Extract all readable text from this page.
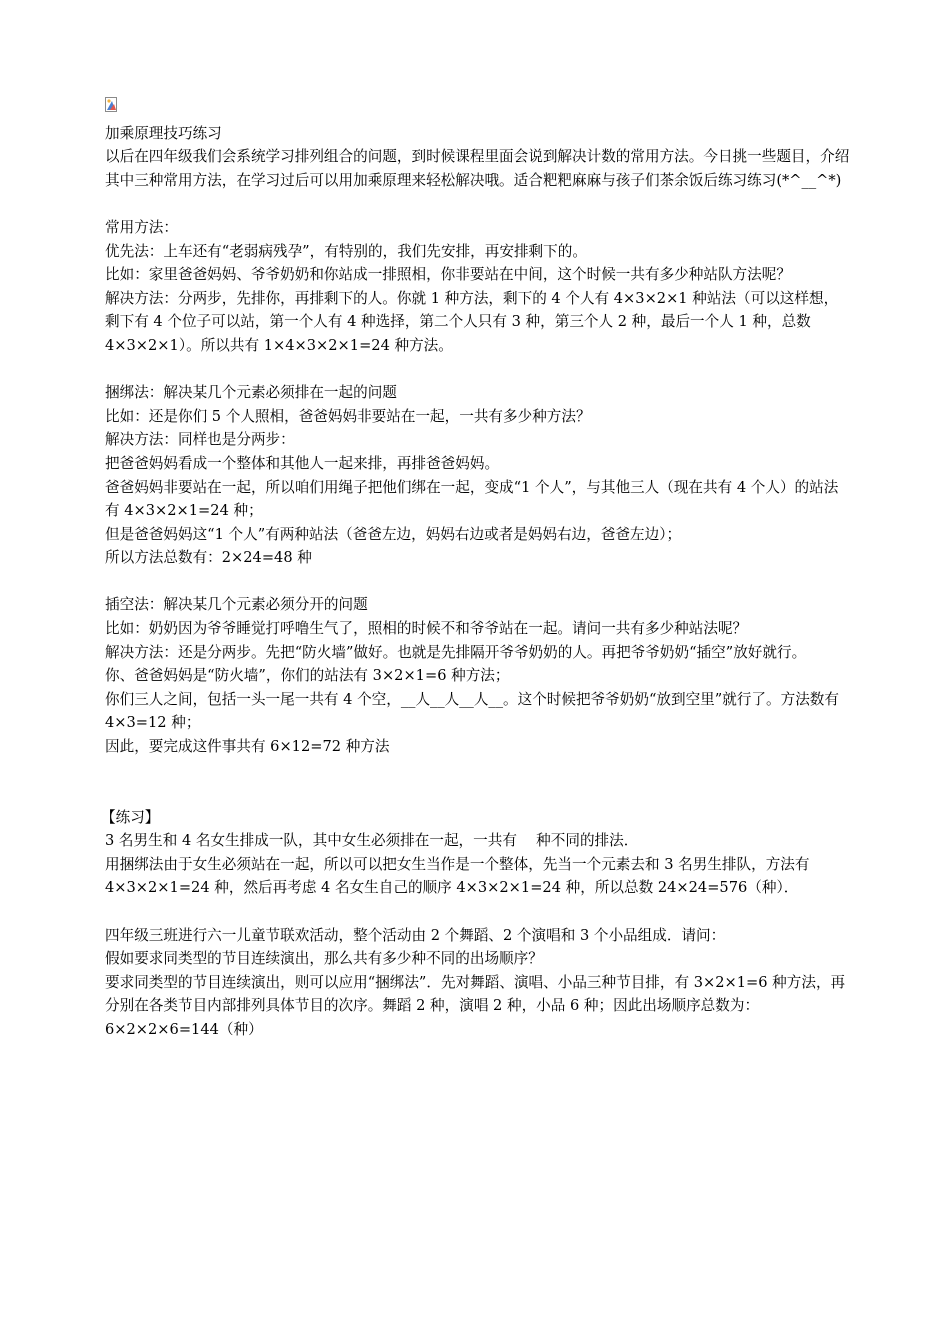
加乘原理技巧练习

以后在四年级我们会系统学习排列组合的问题，到时候课程里面会说到解决计数的常用方法。今日挑一些题目，介绍其中三种常用方法，在学习过后可以用加乘原理来轻松解决哦。适合粑粑麻麻与孩子们茶余饭后练习练习(*^__^*)

常用方法：

优先法：上车还有“老弱病残孕”，有特别的，我们先安排，再安排剩下的。

比如：家里爸爸妈妈、爷爷奶奶和你站成一排照相，你非要站在中间，这个时候一共有多少种站队方法呢？

解决方法：分两步，先排你，再排剩下的人。你就 1 种方法，剩下的 4 个人有 4×3×2×1 种站法（可以这样想，剩下有 4 个位子可以站，第一个人有 4 种选择，第二个人只有 3 种，第三个人 2 种，最后一个人 1 种，总数 4×3×2×1）。所以共有 1×4×3×2×1=24 种方法。

捆绑法：解决某几个元素必须排在一起的问题

比如：还是你们 5 个人照相，爸爸妈妈非要站在一起，一共有多少种方法？

解决方法：同样也是分两步：

把爸爸妈妈看成一个整体和其他人一起来排，再排爸爸妈妈。

爸爸妈妈非要站在一起，所以咱们用绳子把他们绑在一起，变成“1 个人”，与其他三人（现在共有 4 个人）的站法有 4×3×2×1=24 种；

但是爸爸妈妈这“1 个人”有两种站法（爸爸左边，妈妈右边或者是妈妈右边，爸爸左边）；

所以方法总数有：2×24=48 种

插空法：解决某几个元素必须分开的问题

比如：奶奶因为爷爷睡觉打呼噜生气了，照相的时候不和爷爷站在一起。请问一共有多少种站法呢？

解决方法：还是分两步。先把“防火墙”做好。也就是先排隔开爷爷奶奶的人。再把爷爷奶奶“插空”放好就行。

你、爸爸妈妈是“防火墙”，你们的站法有 3×2×1=6 种方法；

你们三人之间，包括一头一尾一共有 4 个空，__人__人__人__。这个时候把爷爷奶奶“放到空里”就行了。方法数有 4×3=12 种；

因此，要完成这件事共有 6×12=72 种方法

【练习】

3 名男生和 4 名女生排成一队，其中女生必须排在一起，一共有　 种不同的排法．

用捆绑法由于女生必须站在一起，所以可以把女生当作是一个整体，先当一个元素去和 3 名男生排队，方法有 4×3×2×1=24 种，然后再考虑 4 名女生自己的顺序 4×3×2×1=24 种，所以总数 24×24=576（种）．

四年级三班进行六一儿童节联欢活动，整个活动由 2 个舞蹈、2 个演唱和 3 个小品组成．请问：

假如要求同类型的节目连续演出，那么共有多少种不同的出场顺序？

要求同类型的节目连续演出，则可以应用“捆绑法”．先对舞蹈、演唱、小品三种节目排，有 3×2×1=6 种方法，再分别在各类节目内部排列具体节目的次序。舞蹈 2 种，演唱 2 种，小品 6 种；因此出场顺序总数为：

6×2×2×6=144（种）
